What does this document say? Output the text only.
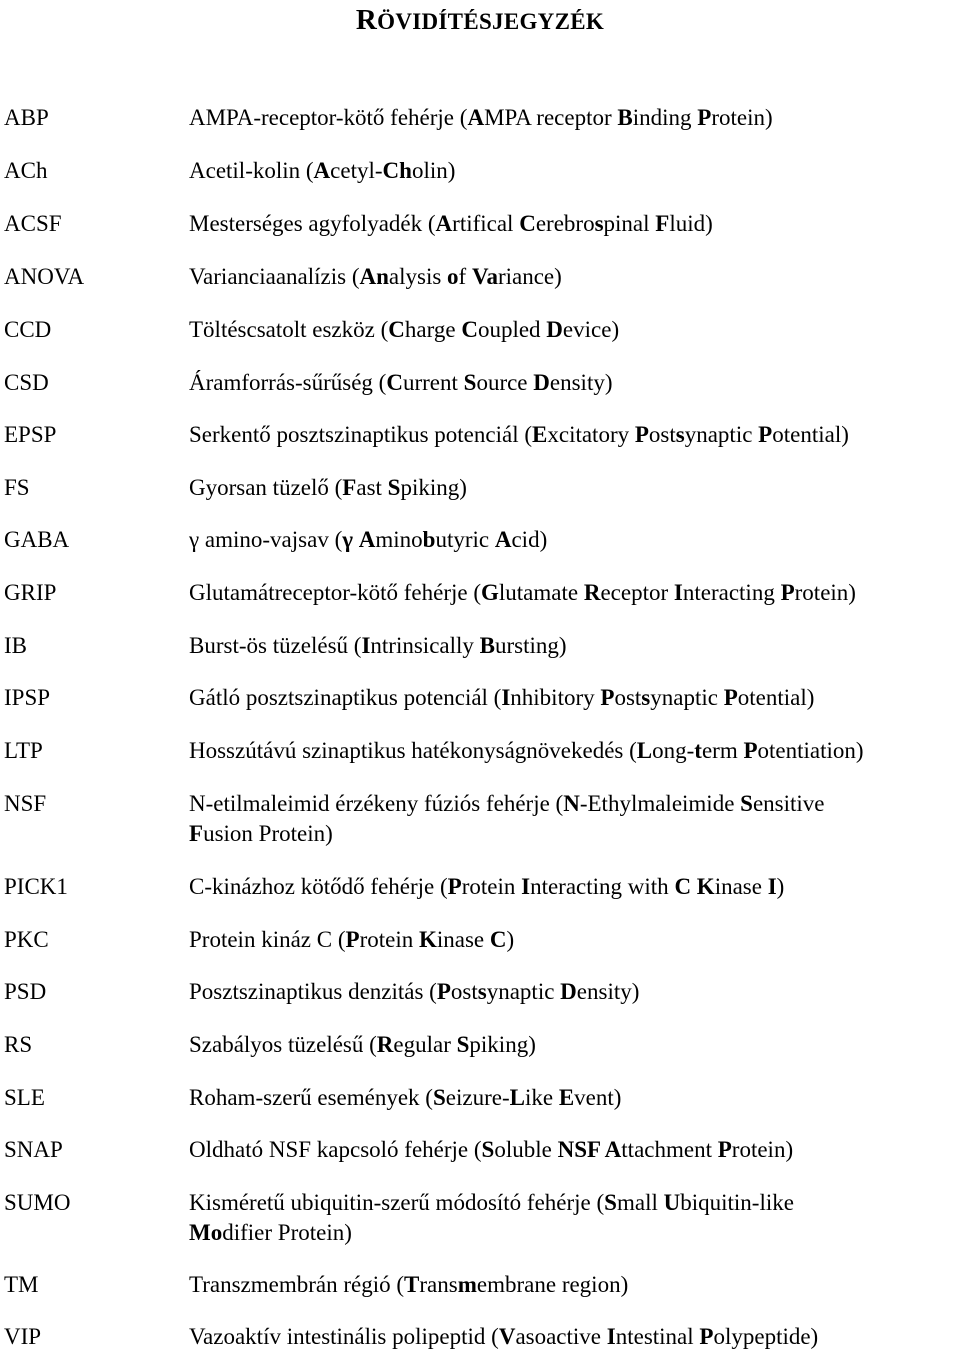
RÖVIDÍTÉSJEGYZÉK
ABP	AMPA-receptor-kötő fehérje (AMPA receptor Binding Protein)
ACh	Acetil-kolin (Acetyl-Cholin)
ACSF	Mesterséges agyfolyadék (Artifical Cerebrospinal Fluid)
ANOVA	Varianciaanalízis (Analysis of Variance)
CCD	Töltéscsatolt eszköz (Charge Coupled Device)
CSD	Áramforrás-sűrűség (Current Source Density)
EPSP	Serkentő posztszinaptikus potenciál (Excitatory Postsynaptic Potential)
FS	Gyorsan tüzelő (Fast Spiking)
GABA	γ amino-vajsav (γ Aminobutyric Acid)
GRIP	Glutamátreceptor-kötő fehérje (Glutamate Receptor Interacting Protein)
IB	Burst-ös tüzelésű (Intrinsically Bursting)
IPSP	Gátló posztszinaptikus potenciál (Inhibitory Postsynaptic Potential)
LTP	Hosszútávú szinaptikus hatékonyságnövekedés (Long-term Potentiation)
NSF	N-etilmaleimid érzékeny fúziós fehérje (N-Ethylmaleimide Sensitive
Fusion Protein)
PICK1	C-kinázhoz kötődő fehérje (Protein Interacting with C Kinase I)
PKC	Protein kináz C (Protein Kinase C)
PSD	Posztszinaptikus denzitás (Postsynaptic Density)
RS	Szabályos tüzelésű (Regular Spiking)
SLE	Roham-szerű események (Seizure-Like Event)
SNAP	Oldható NSF kapcsoló fehérje (Soluble NSF Attachment Protein)
SUMO	Kisméretű ubiquitin-szerű módosító fehérje (Small Ubiquitin-like
Modifier Protein)
TM	Transzmembrán régió (Transmembrane region)
VIP	Vazoaktív intestinális polipeptid (Vasoactive Intestinal Polypeptide)
